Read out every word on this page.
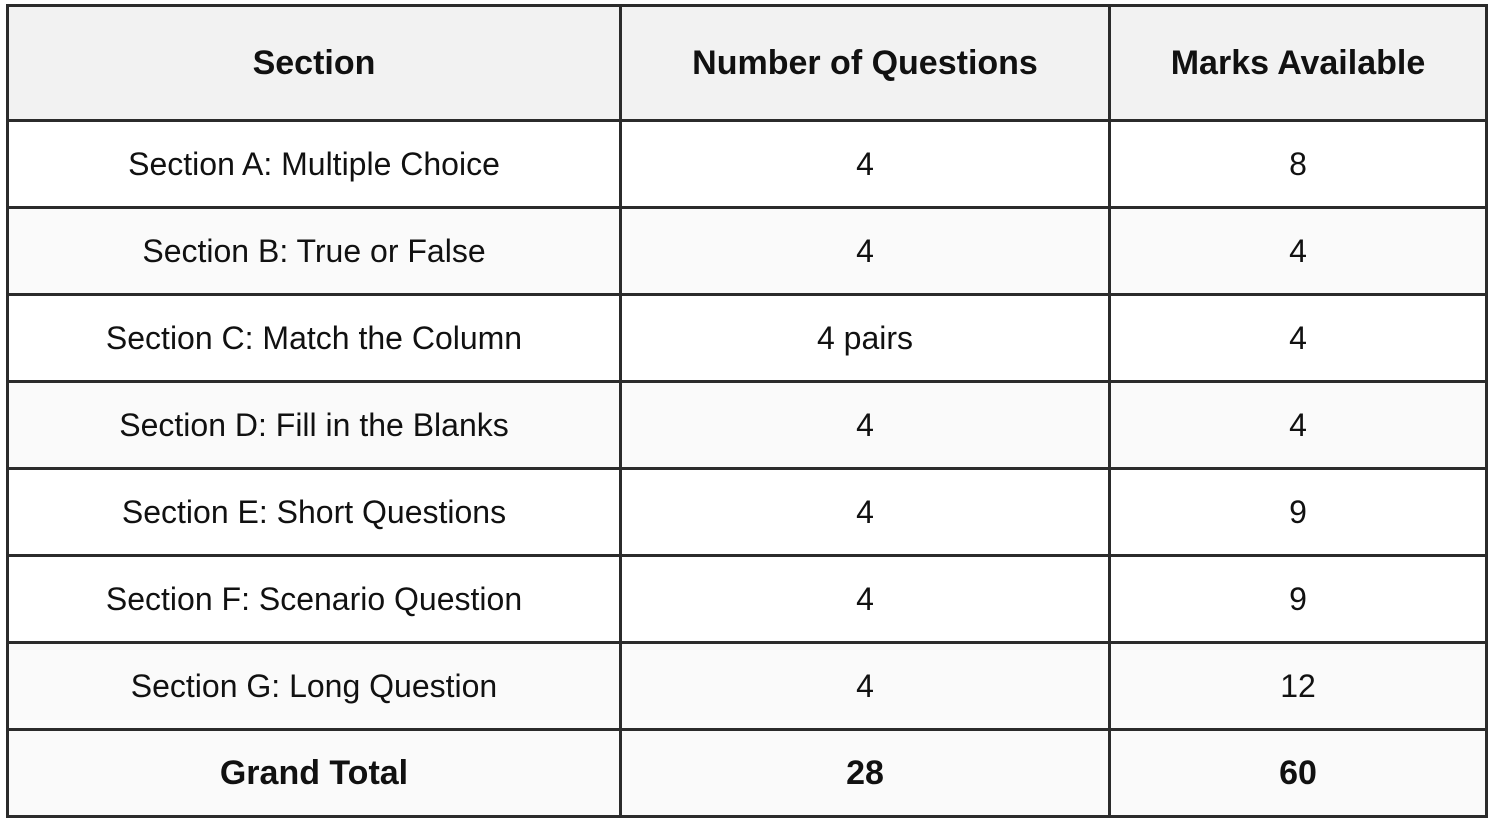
Section	Number of Questions	Marks Available
Section A: Multiple Choice	4	8
Section B: True or False	4	4
Section C: Match the Column	4 pairs	4
Section D: Fill in the Blanks	4	4
Section E: Short Questions	4	9
Section F: Scenario Question	4	9
Section G: Long Question	4	12
Grand Total	28	60
